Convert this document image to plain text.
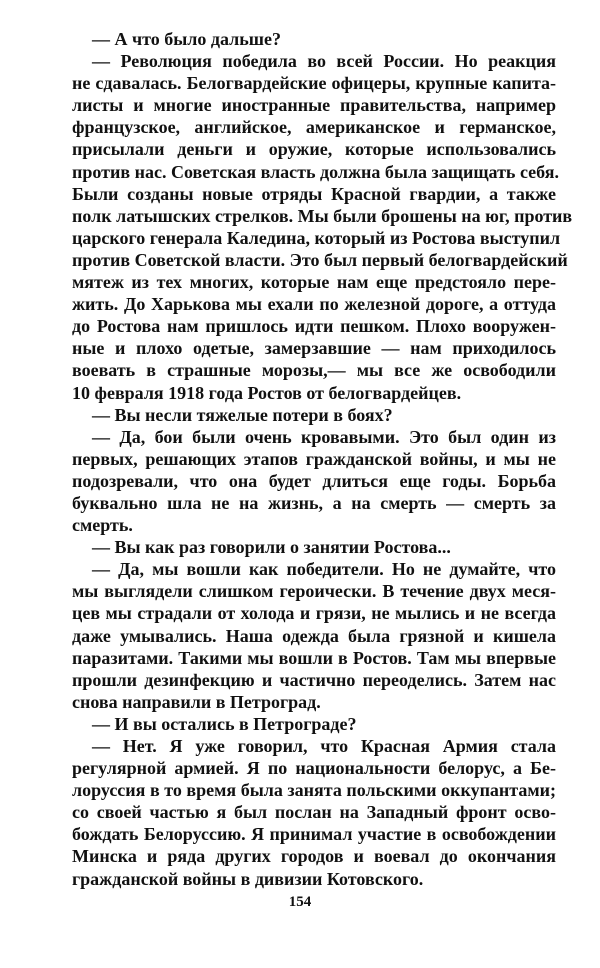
— А что было дальше?
— Революция победила во всей России. Но реакция
не сдавалась. Белогвардейские офицеры, крупные капита-
листы и многие иностранные правительства, например
французское, английское, американское и германское,
присылали деньги и оружие, которые использовались
против нас. Советская власть должна была защищать себя.
Были созданы новые отряды Красной гвардии, а также
полк латышских стрелков. Мы были брошены на юг, против
царского генерала Каледина, который из Ростова выступил
против Советской власти. Это был первый белогвардейский
мятеж из тех многих, которые нам еще предстояло пере-
жить. До Харькова мы ехали по железной дороге, а оттуда
до Ростова нам пришлось идти пешком. Плохо вооружен-
ные и плохо одетые, замерзавшие — нам приходилось
воевать в страшные морозы,— мы все же освободили
10 февраля 1918 года Ростов от белогвардейцев.
— Вы несли тяжелые потери в боях?
— Да, бои были очень кровавыми. Это был один из
первых, решающих этапов гражданской войны, и мы не
подозревали, что она будет длиться еще годы. Борьба
буквально шла не на жизнь, а на смерть — смерть за
смерть.
— Вы как раз говорили о занятии Ростова...
— Да, мы вошли как победители. Но не думайте, что
мы выглядели слишком героически. В течение двух меся-
цев мы страдали от холода и грязи, не мылись и не всегда
даже умывались. Наша одежда была грязной и кишела
паразитами. Такими мы вошли в Ростов. Там мы впервые
прошли дезинфекцию и частично переоделись. Затем нас
снова направили в Петроград.
— И вы остались в Петрограде?
— Нет. Я уже говорил, что Красная Армия стала
регулярной армией. Я по национальности белорус, а Бе-
лоруссия в то время была занята польскими оккупантами;
со своей частью я был послан на Западный фронт осво-
бождать Белоруссию. Я принимал участие в освобождении
Минска и ряда других городов и воевал до окончания
гражданской войны в дивизии Котовского.
154
